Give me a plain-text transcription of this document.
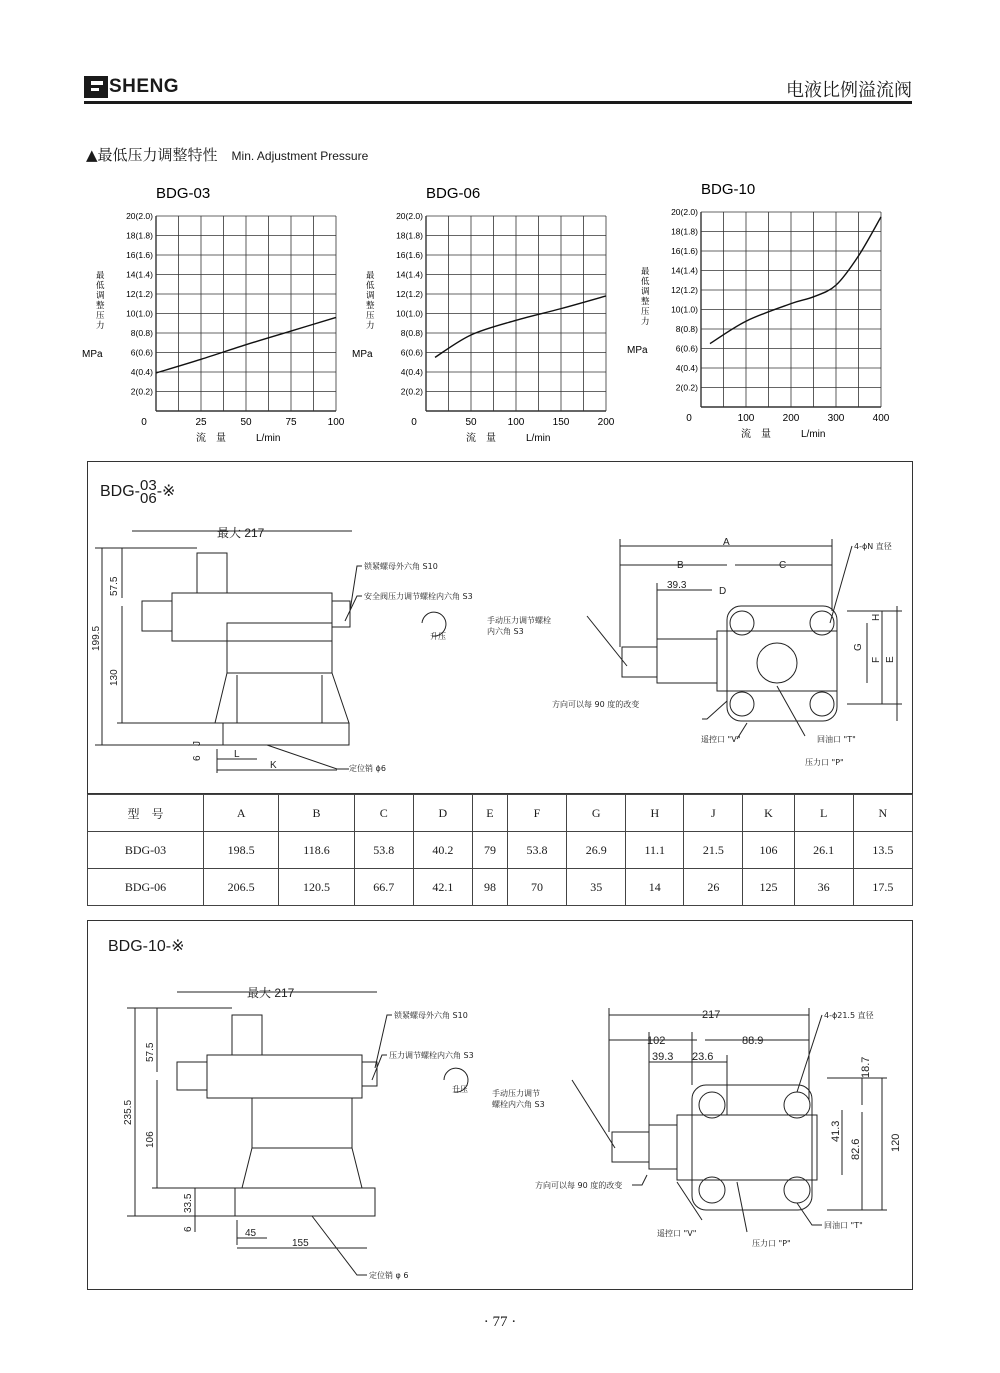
SHENG	电液比例溢流阀
▲最低压力调整特性 Min. Adjustment Pressure
BDG-03
20(2.0)
18(1.8)
16(1.6)
14(1.4)
12(1.2)
10(1.0)
8(0.8)
6(0.6)
4(0.4)
2(0.2)
0	25	50	75	100
最低调整压力
MPa
流　量	L/min
BDG-06
20(2.0)
18(1.8)
16(1.6)
14(1.4)
12(1.2)
10(1.0)
8(0.8)
6(0.6)
4(0.4)
2(0.2)
0	50	100	150	200
最低调整压力
MPa
流　量	L/min
BDG-10
20(2.0)
18(1.8)
16(1.6)
14(1.4)
12(1.2)
10(1.0)
8(0.8)
6(0.6)
4(0.4)
2(0.2)
0	100	200	300	400
最低调整压力
MPa
流　量	L/min
BDG-03
06-※
最大 217
锁紧螺母外六角 S10
安全阀压力调节螺栓内六角 S3
升压
手动压力调节螺栓内六角 S3
方向可以每 90 度的改变
遥控口 "V"	回油口 "T"
压力口 "P"
定位销 ϕ6
4-ϕN 直径
57.5
199.5
130
J
6	L
K
A
B	C
D
39.3
H
G
F E
型　号	A	B	C	D	E	F	G	H	J	K	L	N
BDG-03	198.5	118.6	53.8	40.2	79	53.8	26.9	11.1	21.5	106	26.1	13.5
BDG-06	206.5	120.5	66.7	42.1	98	70	35	14	26	125	36	17.5
BDG-10-※
最大 217
锁紧螺母外六角 S10
压力调节螺栓内六角 S3
升压	手动压力调节螺栓内六角 S3
方向可以每 90 度的改变
遥控口 "V"
压力口 "P"
回油口 "T"
定位销 φ 6
4-ϕ21.5 直径
57.5
235.5
106
33.5
6	45
155
217
102	88.9
39.3 23.6	18.7
41.3
82.6	120
· 77 ·
